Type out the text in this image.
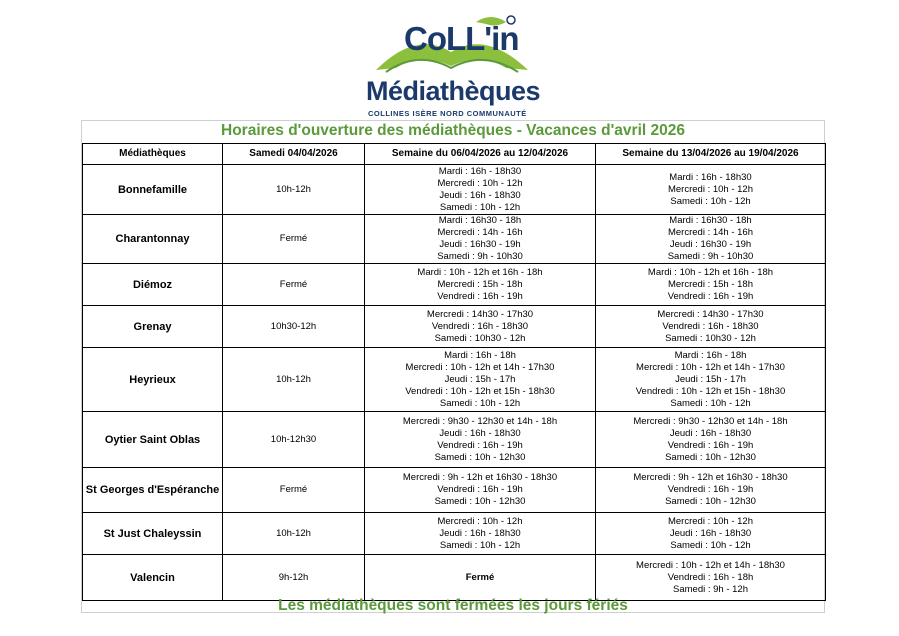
CoLL'in
Médiathèques
COLLINES ISÈRE NORD COMMUNAUTÉ
Horaires d'ouverture des médiathèques - Vacances d'avril 2026
Médiathèques	Samedi 04/04/2026	Semaine du 06/04/2026 au 12/04/2026	Semaine du 13/04/2026 au 19/04/2026
Bonnefamille	10h-12h	Mardi : 16h - 18h30
Mercredi : 10h - 12h
Jeudi : 16h - 18h30
Samedi : 10h - 12h	Mardi : 16h - 18h30
Mercredi : 10h - 12h
Samedi : 10h - 12h

Charantonnay	Fermé	Mardi : 16h30 - 18h
Mercredi : 14h - 16h
Jeudi : 16h30 - 19h
Samedi : 9h - 10h30	Mardi : 16h30 - 18h
Mercredi : 14h - 16h
Jeudi : 16h30 - 19h
Samedi : 9h - 10h30

Diémoz	Fermé	Mardi : 10h - 12h et 16h - 18h
Mercredi : 15h - 18h
Vendredi : 16h - 19h	Mardi : 10h - 12h et 16h - 18h
Mercredi : 15h - 18h
Vendredi : 16h - 19h

Grenay	10h30-12h	Mercredi : 14h30 - 17h30
Vendredi : 16h - 18h30
Samedi : 10h30 - 12h	Mercredi : 14h30 - 17h30
Vendredi : 16h - 18h30
Samedi : 10h30 - 12h

Heyrieux	10h-12h	Mardi : 16h - 18h
Mercredi : 10h - 12h et 14h - 17h30
Jeudi : 15h - 17h
Vendredi : 10h - 12h et 15h - 18h30
Samedi : 10h - 12h	Mardi : 16h - 18h
Mercredi : 10h - 12h et 14h - 17h30
Jeudi : 15h - 17h
Vendredi : 10h - 12h et 15h - 18h30
Samedi : 10h - 12h

Oytier Saint Oblas	10h-12h30	Mercredi : 9h30 - 12h30 et 14h - 18h
Jeudi : 16h - 18h30
Vendredi : 16h - 19h
Samedi : 10h - 12h30	Mercredi : 9h30 - 12h30 et 14h - 18h
Jeudi : 16h - 18h30
Vendredi : 16h - 19h
Samedi : 10h - 12h30

St Georges d'Espéranche	Fermé	Mercredi : 9h - 12h et 16h30 - 18h30
Vendredi : 16h - 19h
Samedi : 10h - 12h30	Mercredi : 9h - 12h et 16h30 - 18h30
Vendredi : 16h - 19h
Samedi : 10h - 12h30

St Just Chaleyssin	10h-12h	Mercredi : 10h - 12h
Jeudi : 16h - 18h30
Samedi : 10h - 12h	Mercredi : 10h - 12h
Jeudi : 16h - 18h30
Samedi : 10h - 12h

Valencin	9h-12h	Fermé	Mercredi : 10h - 12h et 14h - 18h30
Vendredi : 16h - 18h
Samedi : 9h - 12h
Les médiathèques sont fermées les jours fériés
